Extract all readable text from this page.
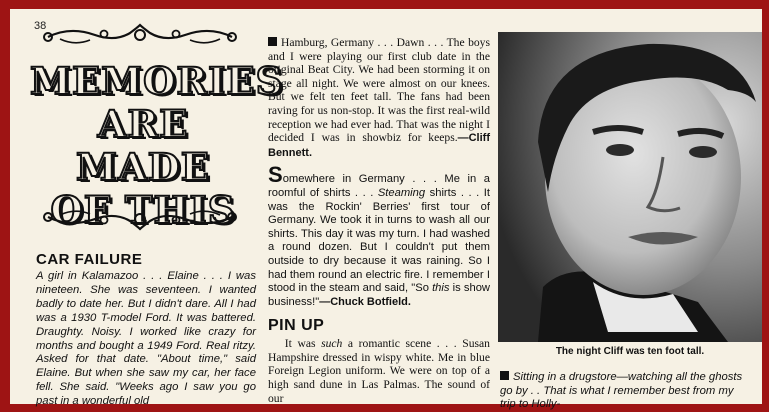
38
MEMORIES
ARE MADE
OF THIS
CAR FAILURE

A girl in Kalamazoo . . . Elaine . . . I was nineteen. She was seventeen. I wanted badly to date her. But I didn't dare. All I had was a 1930 T-model Ford. It was battered. Draughty. Noisy. I worked like crazy for months and bought a 1949 Ford. Real ritzy. Asked for that date. "About time," said Elaine. But when she saw my car, her face fell. She said. "Weeks ago I saw you go past in a wonderful old

Hamburg, Germany . . . Dawn . . . The boys and I were playing our first club date in the original Beat City. We had been storming it on stage all night. We were almost on our knees. But we felt ten feet tall. The fans had been raving for us non-stop. It was the first real-wild reception we had ever had. That was the night I decided I was in showbiz for keeps.—Cliff Bennett.

Somewhere in Germany . . . Me in a roomful of shirts . . . Steaming shirts . . . It was the Rockin' Berries' first tour of Germany. We took it in turns to wash all our shirts. This day it was my turn. I had washed a round dozen. But I couldn't put them outside to dry because it was raining. So I had them round an electric fire. I remember I stood in the steam and said, "So this is show business!"—Chuck Botfield.

PIN UP

It was such a romantic scene . . . Susan Hampshire dressed in wispy white. Me in blue Foreign Legion uniform. We were on top of a high sand dune in Las Palmas. The sound of our

The night Cliff was ten foot tall.

Sitting in a drugstore—watching all the ghosts go by . . That is what I remember best from my trip to Holly-
